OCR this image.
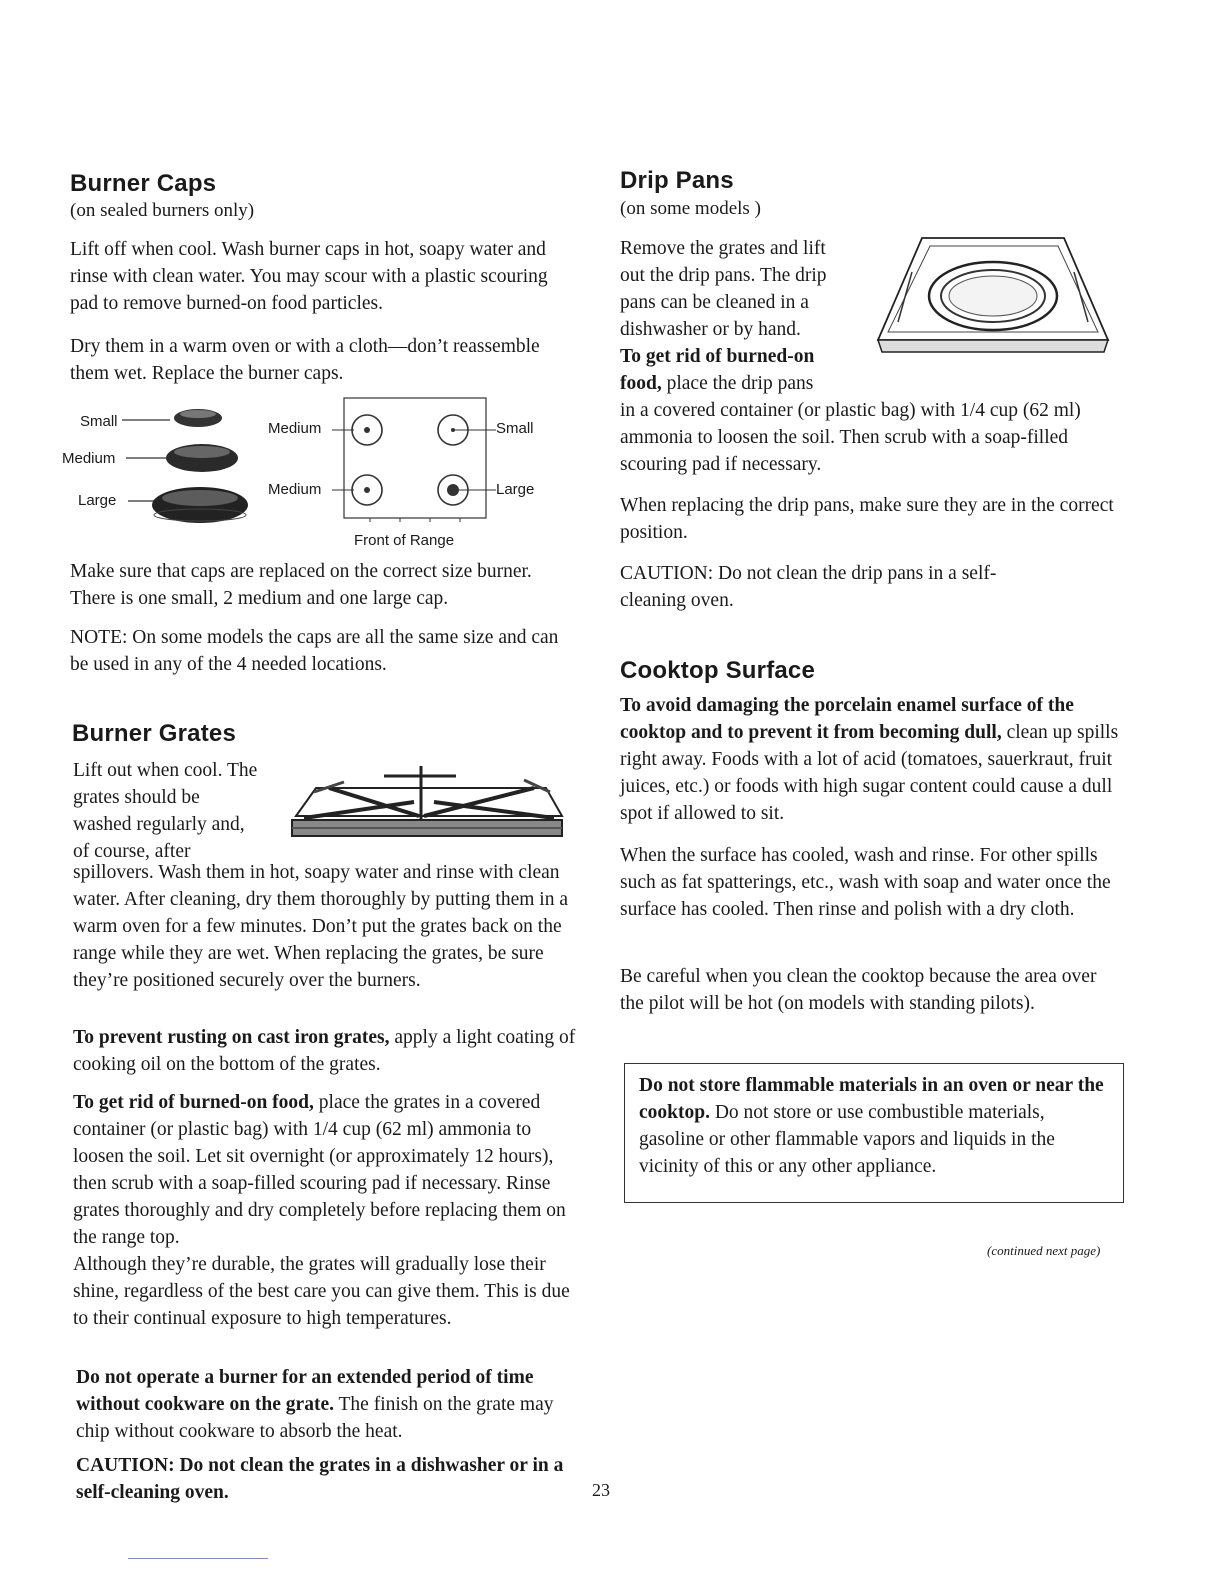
Burner Caps
(on sealed burners only)

Lift off when cool. Wash burner caps in hot, soapy water and rinse with clean water. You may scour with a plastic scouring pad to remove burned-on food particles.

Dry them in a warm oven or with a cloth—don’t reassemble them wet. Replace the burner caps.

Small
Medium
Large
Medium	Small
Medium	Large
Front of Range

Make sure that caps are replaced on the correct size burner. There is one small, 2 medium and one large cap.

NOTE: On some models the caps are all the same size and can be used in any of the 4 needed locations.

Burner Grates
Lift out when cool. The
grates should be
washed regularly and,
of course, after

spillovers. Wash them in hot, soapy water and rinse with clean water. After cleaning, dry them thoroughly by putting them in a warm oven for a few minutes. Don’t put the grates back on the range while they are wet. When replacing the grates, be sure they’re positioned securely over the burners.

To prevent rusting on cast iron grates, apply a light coating of cooking oil on the bottom of the grates.

To get rid of burned-on food, place the grates in a covered container (or plastic bag) with 1/4 cup (62 ml) ammonia to loosen the soil. Let sit overnight (or approximately 12 hours), then scrub with a soap-filled scouring pad if necessary. Rinse grates thoroughly and dry completely before replacing them on the range top.

Although they’re durable, the grates will gradually lose their shine, regardless of the best care you can give them. This is due to their continual exposure to high temperatures.

Do not operate a burner for an extended period of time without cookware on the grate. The finish on the grate may chip without cookware to absorb the heat.

CAUTION: Do not clean the grates in a dishwasher or in a self-cleaning oven.

Drip Pans
(on some models )
Remove the grates and lift
out the drip pans. The drip
pans can be cleaned in a
dishwasher or by hand.
To get rid of burned-on
food, place the drip pans

in a covered container (or plastic bag) with 1/4 cup (62 ml) ammonia to loosen the soil. Then scrub with a soap-filled scouring pad if necessary.

When replacing the drip pans, make sure they are in the correct position.

CAUTION: Do not clean the drip pans in a self-cleaning oven.

Cooktop Surface

To avoid damaging the porcelain enamel surface of the cooktop and to prevent it from becoming dull, clean up spills right away. Foods with a lot of acid (tomatoes, sauerkraut, fruit juices, etc.) or foods with high sugar content could cause a dull spot if allowed to sit.

When the surface has cooled, wash and rinse. For other spills such as fat spatterings, etc., wash with soap and water once the surface has cooled. Then rinse and polish with a dry cloth.

Be careful when you clean the cooktop because the area over the pilot will be hot (on models with standing pilots).

Do not store flammable materials in an oven or near the cooktop. Do not store or use combustible materials, gasoline or other flammable vapors and liquids in the vicinity of this or any other appliance.

(continued next page)
23
